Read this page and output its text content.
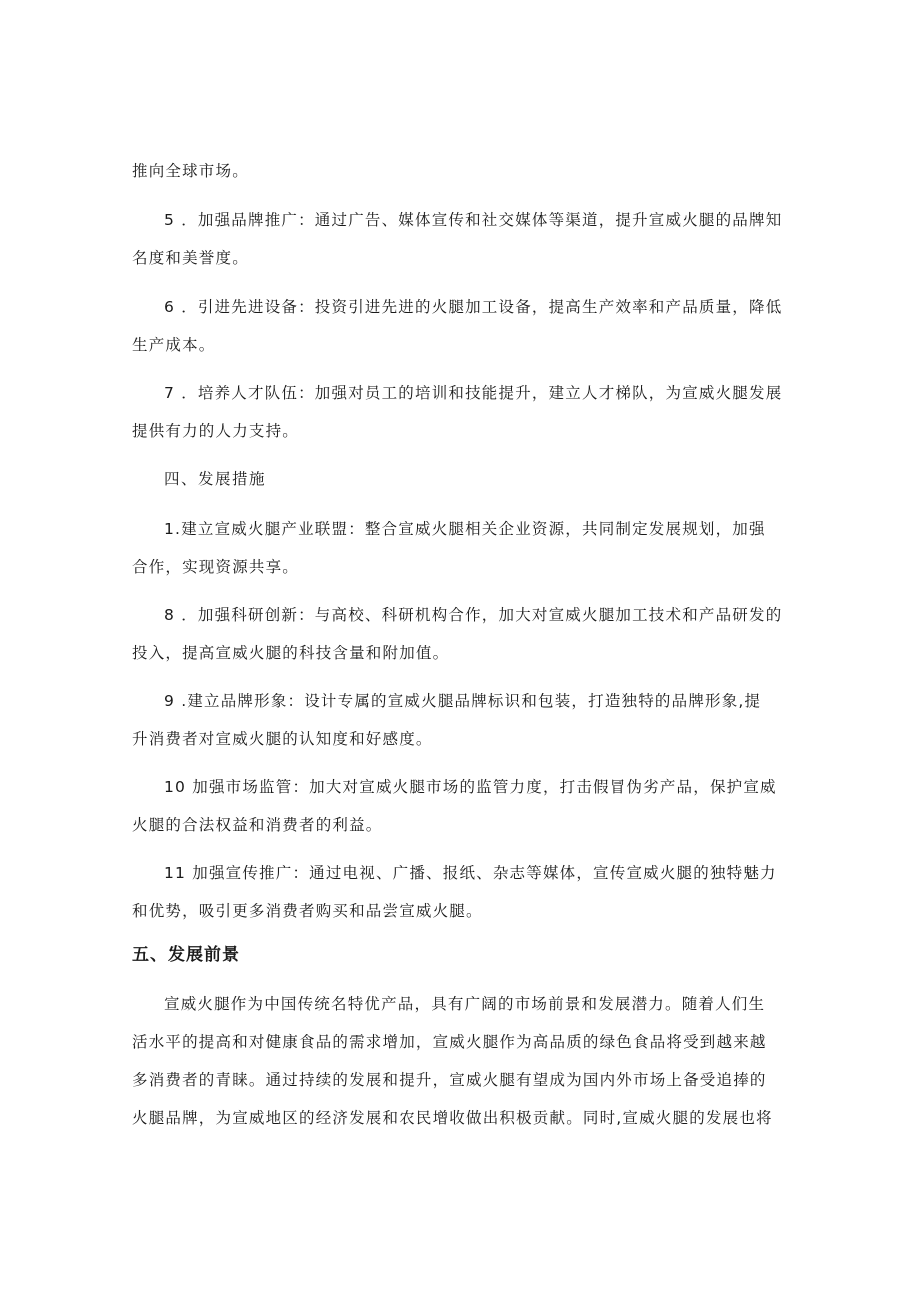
推向全球市场。

5 ．加强品牌推广：通过广告、媒体宣传和社交媒体等渠道，提升宣威火腿的品牌知
名度和美誉度。

6 ．引进先进设备：投资引进先进的火腿加工设备，提高生产效率和产品质量，降低
生产成本。

7 ．培养人才队伍：加强对员工的培训和技能提升，建立人才梯队，为宣威火腿发展
提供有力的人力支持。

四、发展措施

1.建立宣威火腿产业联盟：整合宣威火腿相关企业资源，共同制定发展规划，加强
合作，实现资源共享。

8 ．加强科研创新：与高校、科研机构合作，加大对宣威火腿加工技术和产品研发的
投入，提高宣威火腿的科技含量和附加值。

9 .建立品牌形象：设计专属的宣威火腿品牌标识和包装，打造独特的品牌形象,提
升消费者对宣威火腿的认知度和好感度。

10 加强市场监管：加大对宣威火腿市场的监管力度，打击假冒伪劣产品，保护宣威
火腿的合法权益和消费者的利益。

11 加强宣传推广：通过电视、广播、报纸、杂志等媒体，宣传宣威火腿的独特魅力
和优势，吸引更多消费者购买和品尝宣威火腿。

五、发展前景

宣威火腿作为中国传统名特优产品，具有广阔的市场前景和发展潜力。随着人们生
活水平的提高和对健康食品的需求增加，宣威火腿作为高品质的绿色食品将受到越来越
多消费者的青睐。通过持续的发展和提升，宣威火腿有望成为国内外市场上备受追捧的
火腿品牌，为宣威地区的经济发展和农民增收做出积极贡献。同时,宣威火腿的发展也将
